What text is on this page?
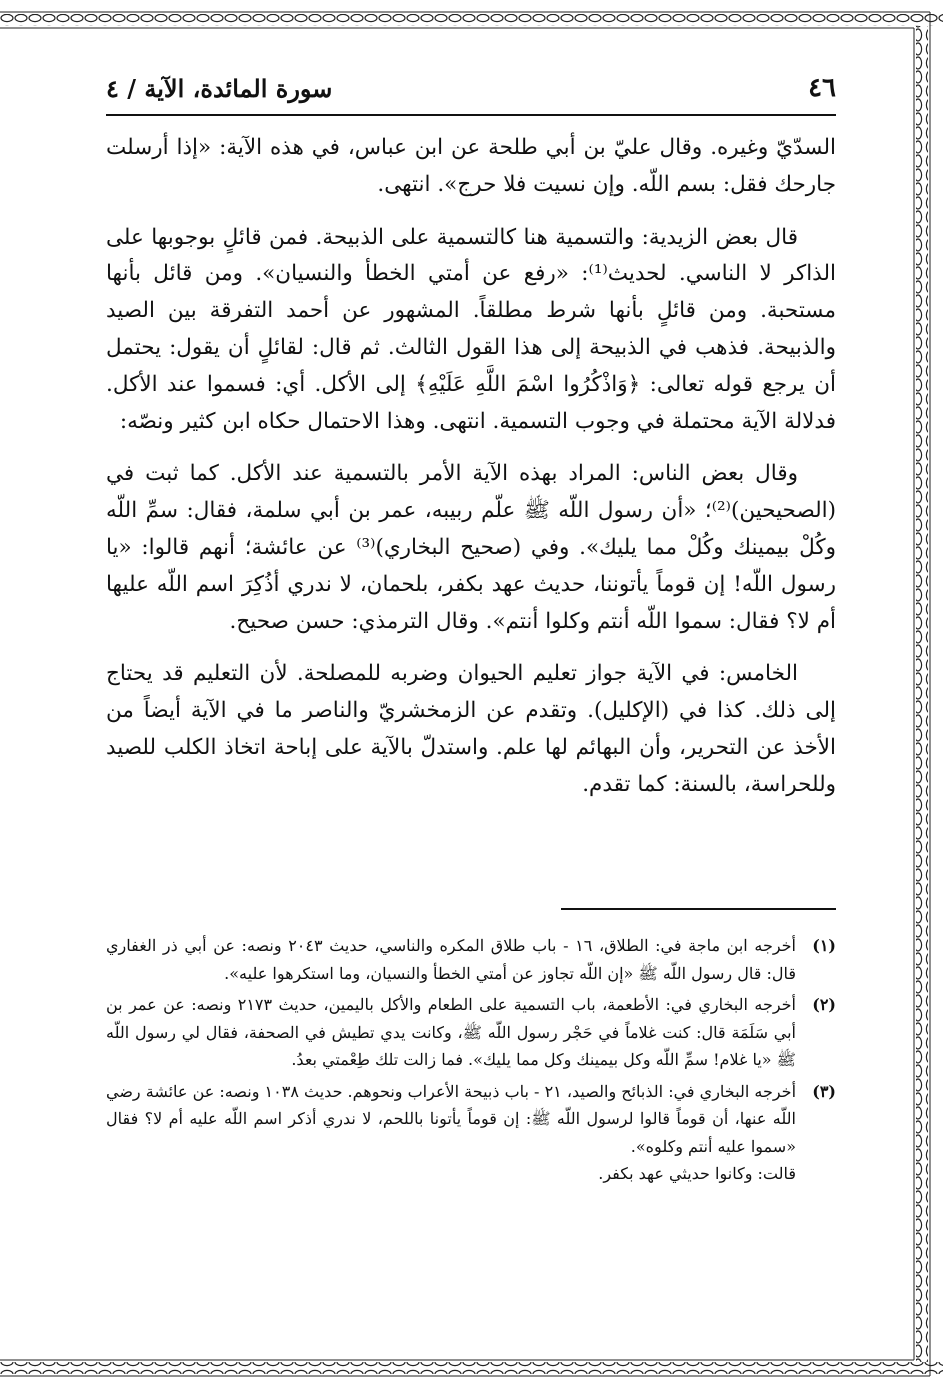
٤٦
سورة المائدة، الآية / ٤

السدّيّ وغيره. وقال عليّ بن أبي طلحة عن ابن عباس، في هذه الآية: «إذا أرسلت جارحك فقل: بسم اللّه. وإن نسيت فلا حرج». انتهى.

قال بعض الزيدية: والتسمية هنا كالتسمية على الذبيحة. فمن قائلٍ بوجوبها على الذاكر لا الناسي. لحديث⁽¹⁾: «رفع عن أمتي الخطأ والنسيان». ومن قائل بأنها مستحبة. ومن قائلٍ بأنها شرط مطلقاً. المشهور عن أحمد التفرقة بين الصيد والذبيحة. فذهب في الذبيحة إلى هذا القول الثالث. ثم قال: لقائلٍ أن يقول: يحتمل أن يرجع قوله تعالى: ﴿وَاذْكُرُوا اسْمَ اللَّهِ عَلَيْهِ﴾ إلى الأكل. أي: فسموا عند الأكل. فدلالة الآية محتملة في وجوب التسمية. انتهى. وهذا الاحتمال حكاه ابن كثير ونصّه:

وقال بعض الناس: المراد بهذه الآية الأمر بالتسمية عند الأكل. كما ثبت في (الصحيحين)⁽²⁾؛ «أن رسول اللّه ﷺ علّم ربيبه، عمر بن أبي سلمة، فقال: سمِّ اللّه وكُلْ بيمينك وكُلْ مما يليك». وفي (صحيح البخاري)⁽³⁾ عن عائشة؛ أنهم قالوا: «يا رسول اللّه! إن قوماً يأتوننا، حديث عهد بكفر، بلحمان، لا ندري أذُكِرَ اسم اللّه عليها أم لا؟ فقال: سموا اللّه أنتم وكلوا أنتم». وقال الترمذي: حسن صحيح.

الخامس: في الآية جواز تعليم الحيوان وضربه للمصلحة. لأن التعليم قد يحتاج إلى ذلك. كذا في (الإكليل). وتقدم عن الزمخشريّ والناصر ما في الآية أيضاً من الأخذ عن التحرير، وأن البهائم لها علم. واستدلّ بالآية على إباحة اتخاذ الكلب للصيد وللحراسة، بالسنة: كما تقدم.

(١)
أخرجه ابن ماجة في: الطلاق، ١٦ - باب طلاق المكره والناسي، حديث ٢٠٤٣ ونصه: عن أبي ذر الغفاري قال: قال رسول اللّه ﷺ «إن اللّه تجاوز عن أمتي الخطأ والنسيان، وما استكرهوا عليه».
(٢)
أخرجه البخاري في: الأطعمة، باب التسمية على الطعام والأكل باليمين، حديث ٢١٧٣ ونصه: عن عمر بن أبي سَلَمَة قال: كنت غلاماً في حَجْر رسول اللّه ﷺ، وكانت يدي تطيش في الصحفة، فقال لي رسول اللّه ﷺ «يا غلام! سمِّ اللّه وكل بيمينك وكل مما يليك». فما زالت تلك طِعْمتي بعدُ.
(٣)
أخرجه البخاري في: الذبائح والصيد، ٢١ - باب ذبيحة الأعراب ونحوهم. حديث ١٠٣٨ ونصه: عن عائشة رضي اللّه عنها، أن قوماً قالوا لرسول اللّه ﷺ: إن قوماً يأتونا باللحم، لا ندري أذكر اسم اللّه عليه أم لا؟ فقال «سموا عليه أنتم وكلوه».
قالت: وكانوا حديثي عهد بكفر.
